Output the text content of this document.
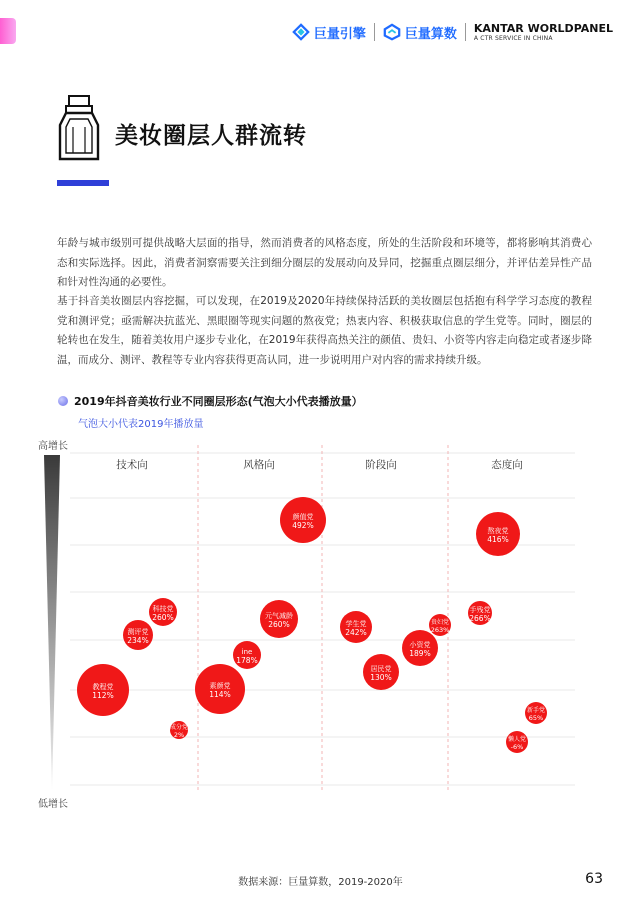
巨量引擎	巨量算数 KANTAR WORLDPANEL
A CTR SERVICE IN CHINA
美妆圈层人群流转

年龄与城市级别可提供战略大层面的指导，然而消费者的风格态度，所处的生活阶段和环境等，都将影响其消费心态和实际选择。因此，消费者洞察需要关注到细分圈层的发展动向及异同，挖掘重点圈层细分，并评估差异性产品和针对性沟通的必要性。

基于抖音美妆圈层内容挖掘，可以发现，在2019及2020年持续保持活跃的美妆圈层包括抱有科学学习态度的教程党和测评党；亟需解决抗蓝光、黑眼圈等现实问题的熬夜党；热衷内容、积极获取信息的学生党等。同时，圈层的轮转也在发生，随着美妆用户逐步专业化，在2019年获得高热关注的颜值、贵妇、小资等内容走向稳定或者逐步降温，而成分、测评、教程等专业内容获得更高认同，进一步说明用户对内容的需求持续升级。

2019年抖音美妆行业不同圈层形态(气泡大小代表播放量）
气泡大小代表2019年播放量
高增长
低增长
技术向	风格向	阶段向	态度向
科技党
260%
测评党
234%
教程党
112%
成分党
2%
颜值党
492%
元气减龄
260%
ine
178%
素颜党
114%
学生党
242%
贵妇党
263%
小资党
189%
居民党
130%
熬夜党
416%
手残党
266%
新手党
65%
懒人党
-6%
数据来源：巨量算数，2019-2020年	63
